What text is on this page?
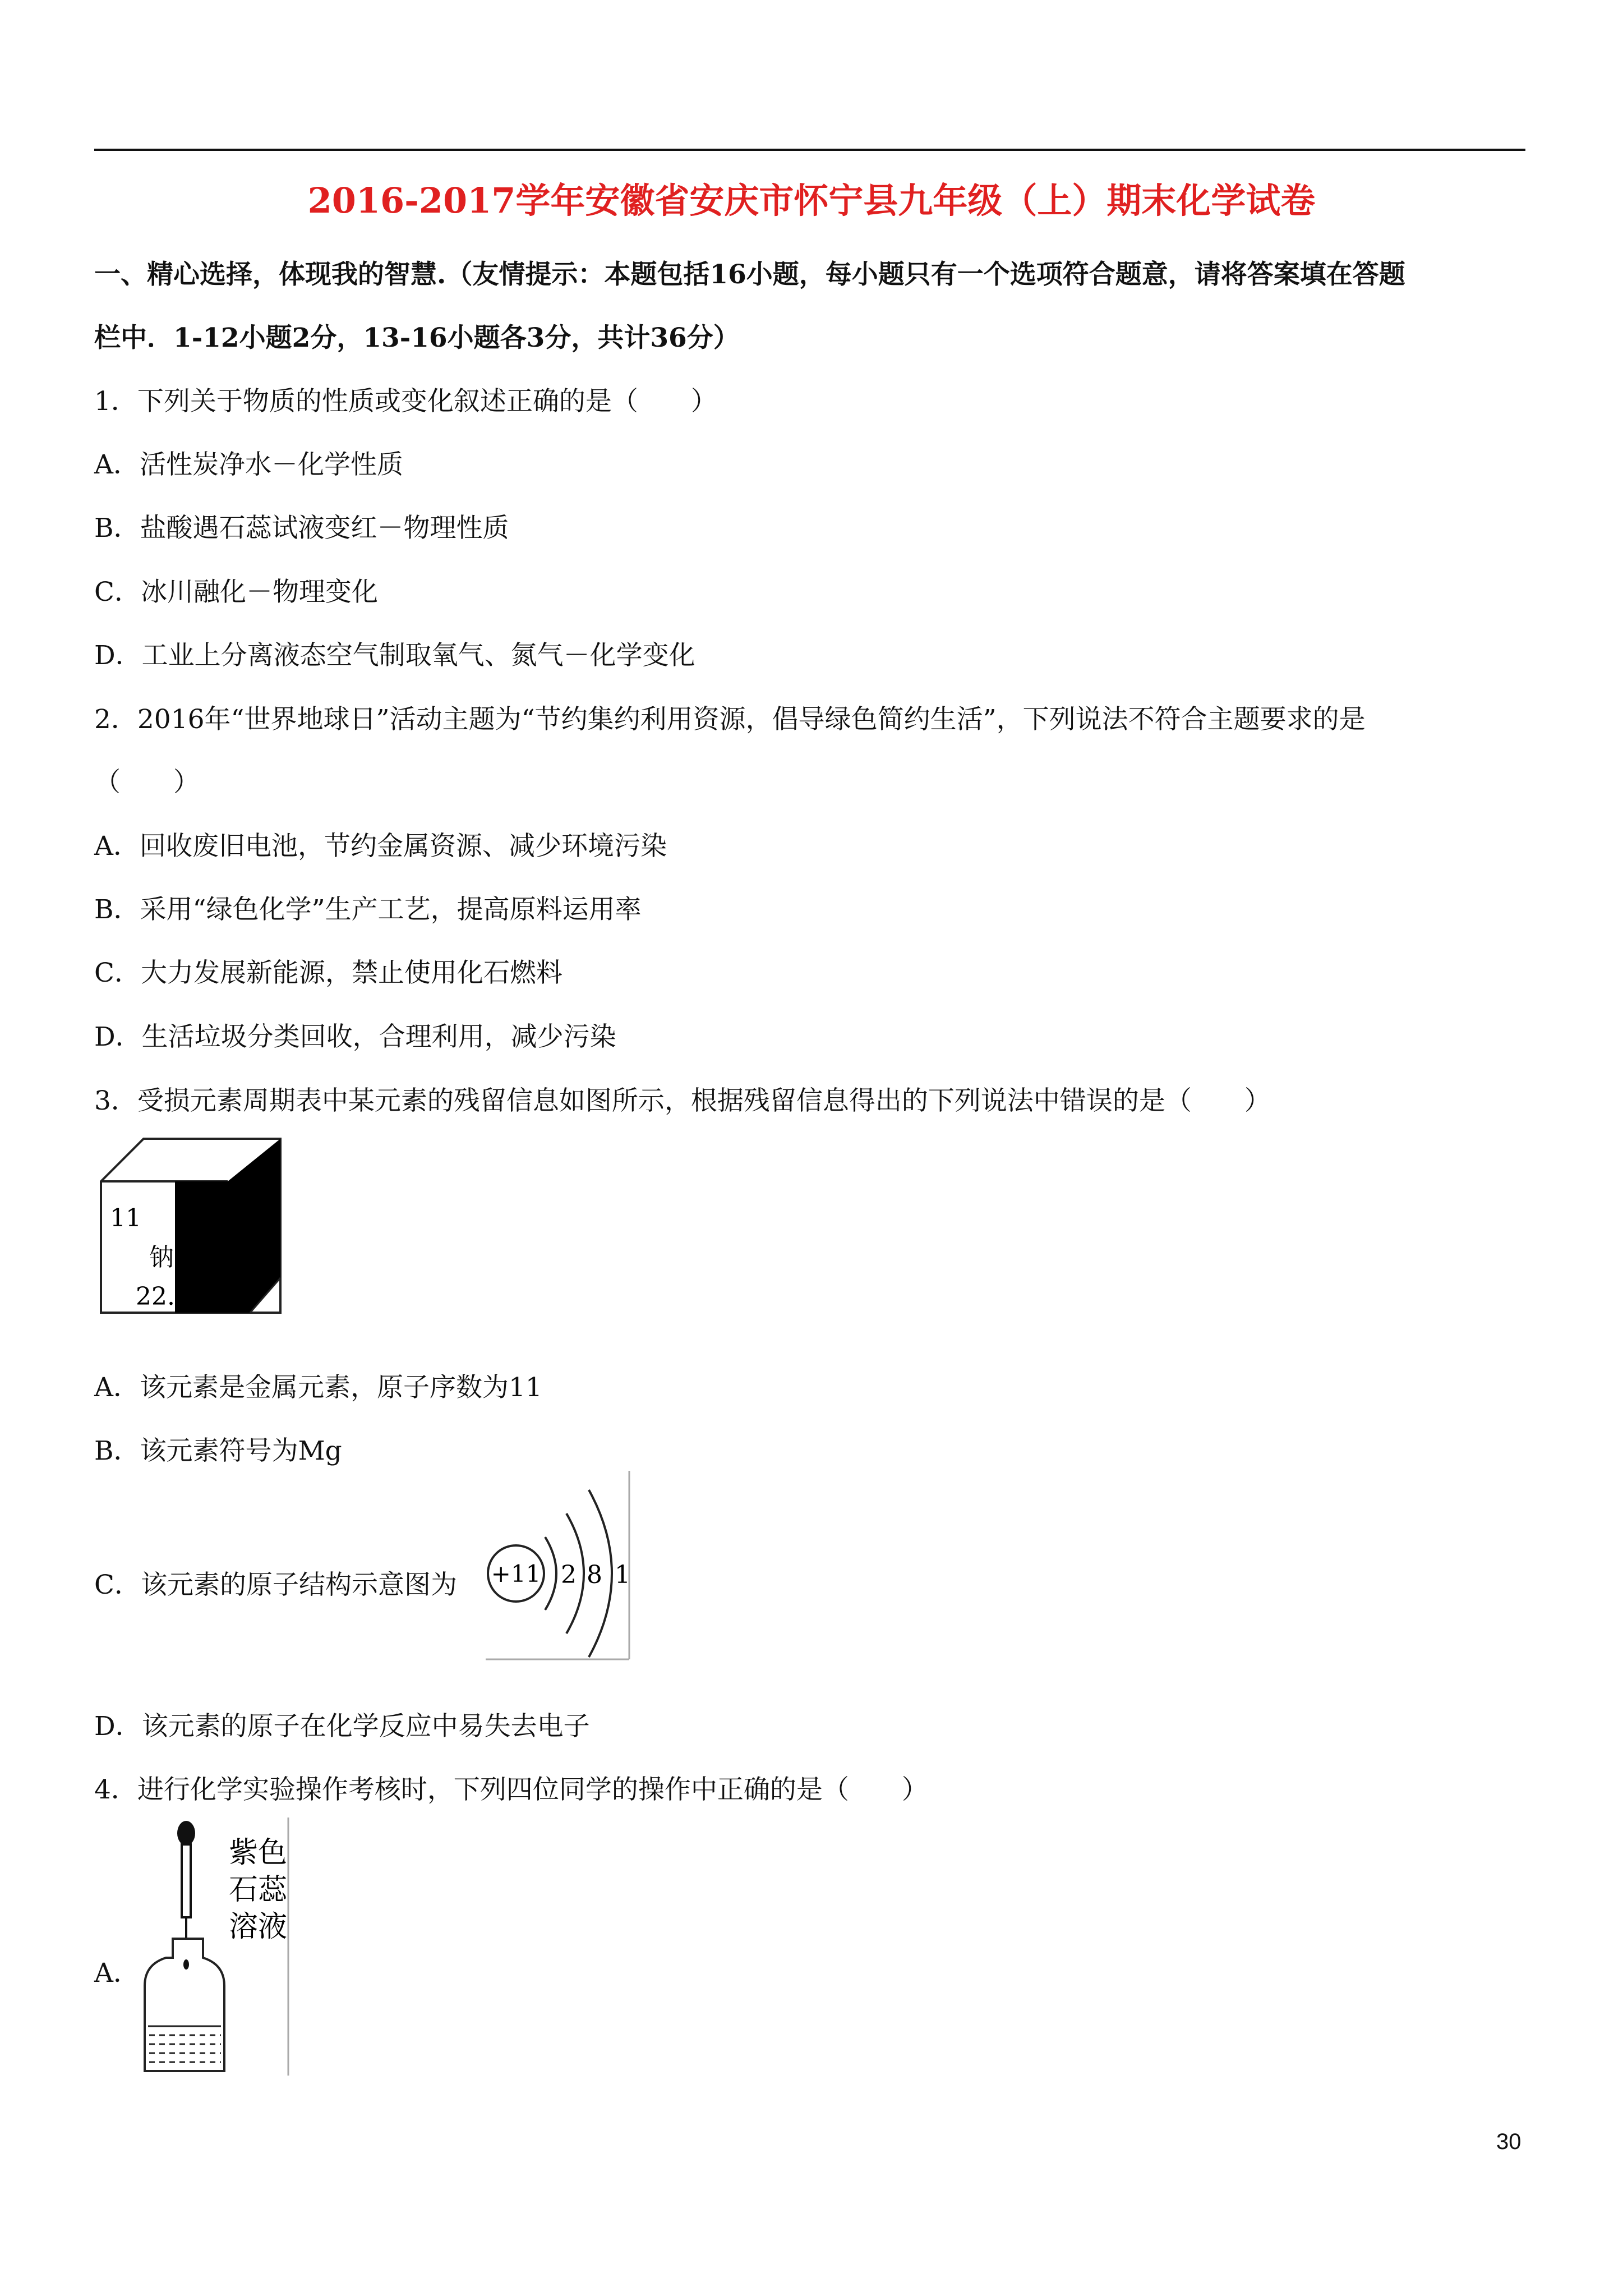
2016-2017学年安徽省安庆市怀宁县九年级（上）期末化学试卷
一、精心选择，体现我的智慧.（友情提示：本题包括16小题，每小题只有一个选项符合题意，请将答案填在答题
栏中．1-12小题2分，13-16小题各3分，共计36分）
1．下列关于物质的性质或变化叙述正确的是（　　）
A．活性炭净水－化学性质
B．盐酸遇石蕊试液变红－物理性质
C．冰川融化－物理变化
D．工业上分离液态空气制取氧气、氮气－化学变化
2．2016年“世界地球日”活动主题为“节约集约利用资源，倡导绿色简约生活”，下列说法不符合主题要求的是
（　　）
A．回收废旧电池，节约金属资源、减少环境污染
B．采用“绿色化学”生产工艺，提高原料运用率
C．大力发展新能源，禁止使用化石燃料
D．生活垃圾分类回收，合理利用，减少污染
3．受损元素周期表中某元素的残留信息如图所示，根据残留信息得出的下列说法中错误的是（　　）
11
钠
22.
A．该元素是金属元素，原子序数为11
B．该元素符号为Mg
C．该元素的原子结构示意图为 +11 2 8 1
D．该元素的原子在化学反应中易失去电子
4．进行化学实验操作考核时，下列四位同学的操作中正确的是（　　）
A．
紫色
石蕊
溶液
30
